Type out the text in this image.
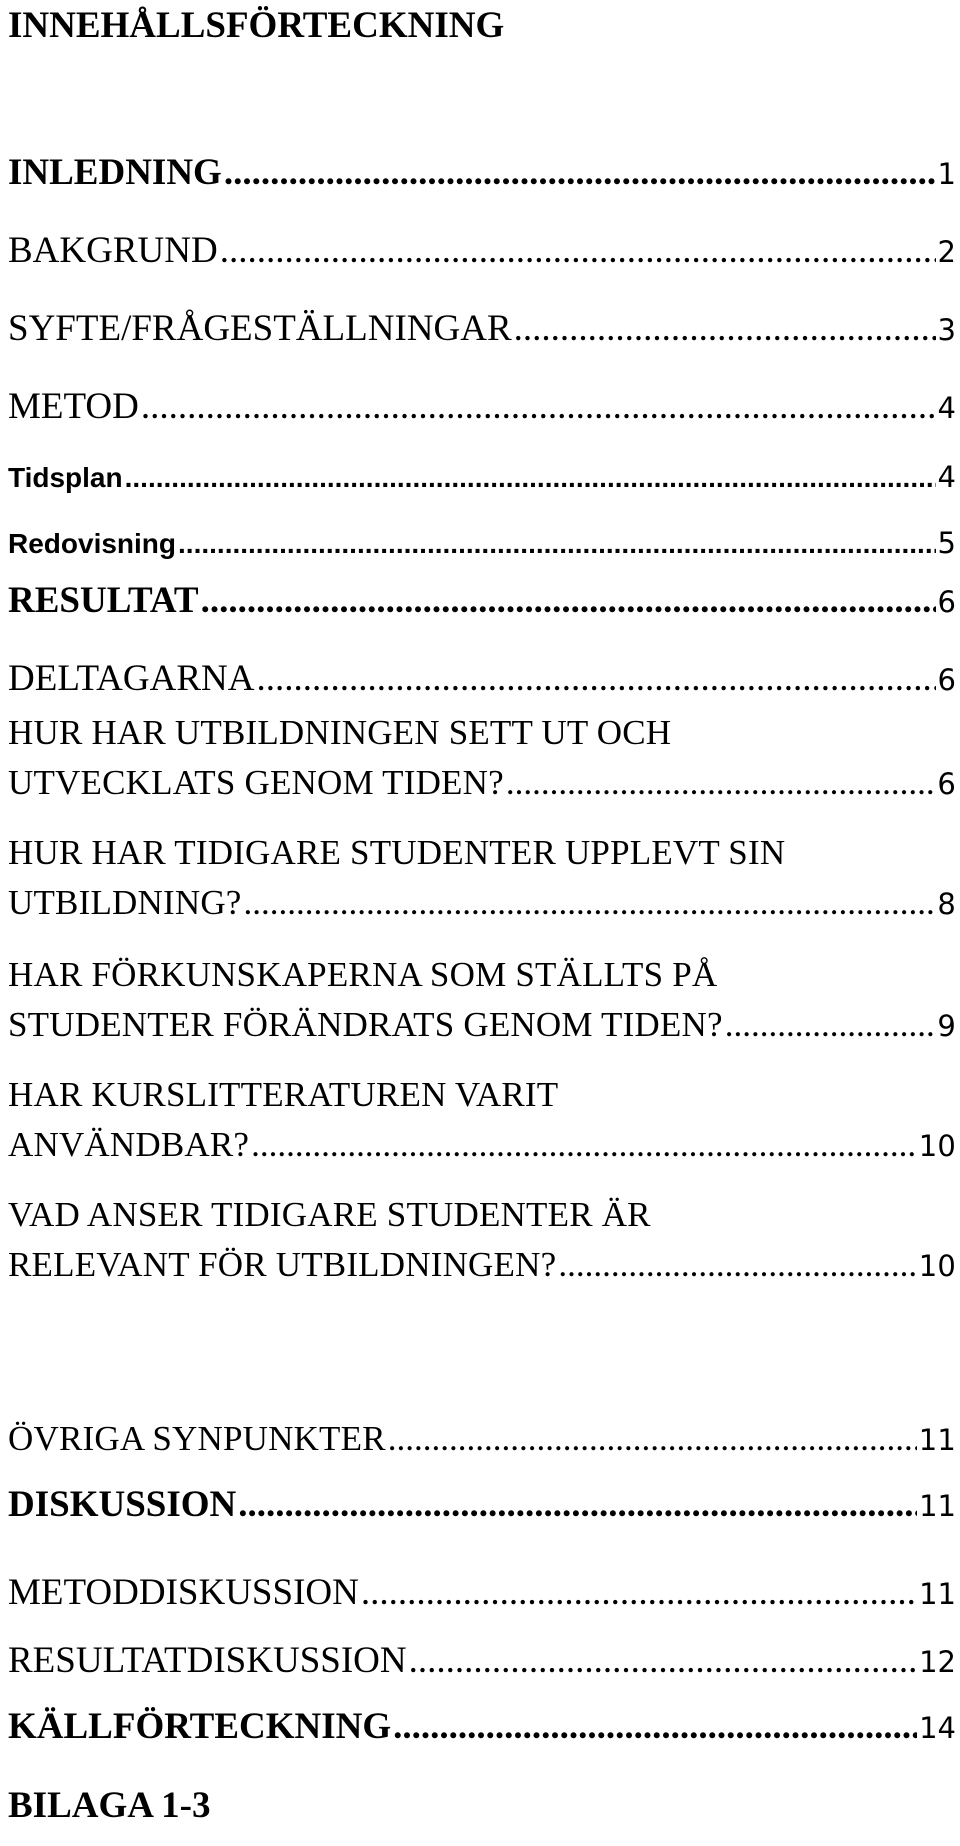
INNEHÅLLSFÖRTECKNING
INLEDNING .....	1
BAKGRUND .....	2
SYFTE/FRÅGESTÄLLNINGAR .....	3
METOD .....	4
Tidsplan .....	4
Redovisning .....	5
RESULTAT .....	6
DELTAGARNA .....	6
HUR HAR UTBILDNINGEN SETT UT OCH
UTVECKLATS GENOM TIDEN? .....	6
HUR HAR TIDIGARE STUDENTER UPPLEVT SIN
UTBILDNING? .....	8
HAR FÖRKUNSKAPERNA SOM STÄLLTS PÅ
STUDENTER FÖRÄNDRATS GENOM TIDEN? .....	9
HAR KURSLITTERATUREN VARIT
ANVÄNDBAR? .....	10
VAD ANSER TIDIGARE STUDENTER ÄR
RELEVANT FÖR UTBILDNINGEN? .....	10
ÖVRIGA SYNPUNKTER .....	11
DISKUSSION .....	11
METODDISKUSSION .....	11
RESULTATDISKUSSION .....	12
KÄLLFÖRTECKNING .....	14
BILAGA 1-3
